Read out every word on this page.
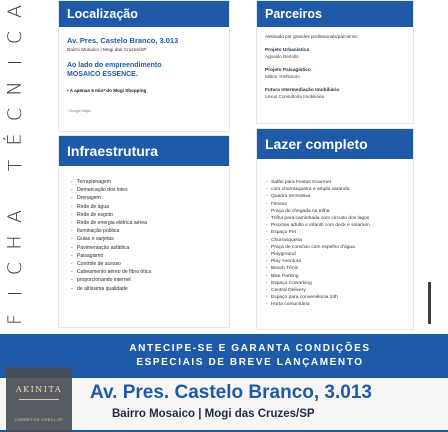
A
C
I
N
C
É
T
A
H
C
I
F
Localização
Av. Pres. Castelo Branco, 3.013
Bairro Mosaico | Mogi das Cruzes/SP
Ao lado do empreendimento
MOSAICO ESSENCE.
• A apenas 5 min* do Mogi Shopping
* Google Maps
Infraestrutura
- Terraplenagem
- Demarcação dos lotes
- Drenagem
- Rede de água
- Rede de esgoto
- Rede de energia elétrica aérea
- Iluminação pública
- Guias e sarjetas
- Pavimentação asfáltica
- Paisagismo
- Controle de acesso
- Cabeamento aéreo de fibra ótica
- proporcionando internet
- de altíssima qualidade
Parceiros
Assinado por grandes profissionais/parceiros:
Projeto Urbanístico
Agnaldo Bertollo
Projeto Paisagístico
Milton Yoshimoto
Futura Intermediação Imobiliária
Lexus Consultoria Imobiliária
Lazer completo
- Salão para Festas Gourmet
- com churrasqueira e ampla varanda
- Quadra recreativa
- Fitness
- Praça de chegada na trilha
- Trilha para caminhada com circuito dos lagos
- Piscinas adulto e infantil com deck e solarium
- Espaço Pet
- Churrasqueira
- Praça de convívio com espelho d'água
- Playground
- Play Aventura
- Beach Tênis
- Bike Parking
- Espaço Coworking
- Central Delivery
- Espaço para conveniência 24h
- Horta comunitária
ANTECIPE-SE E GARANTA CONDIÇÕES
ESPECIAIS DE BREVE LANÇAMENTO
Av. Pres. Castelo Branco, 3.013
Bairro Mosaico | Mogi das Cruzes/SP
AKINITA
CORRETOR CRECI-SP
